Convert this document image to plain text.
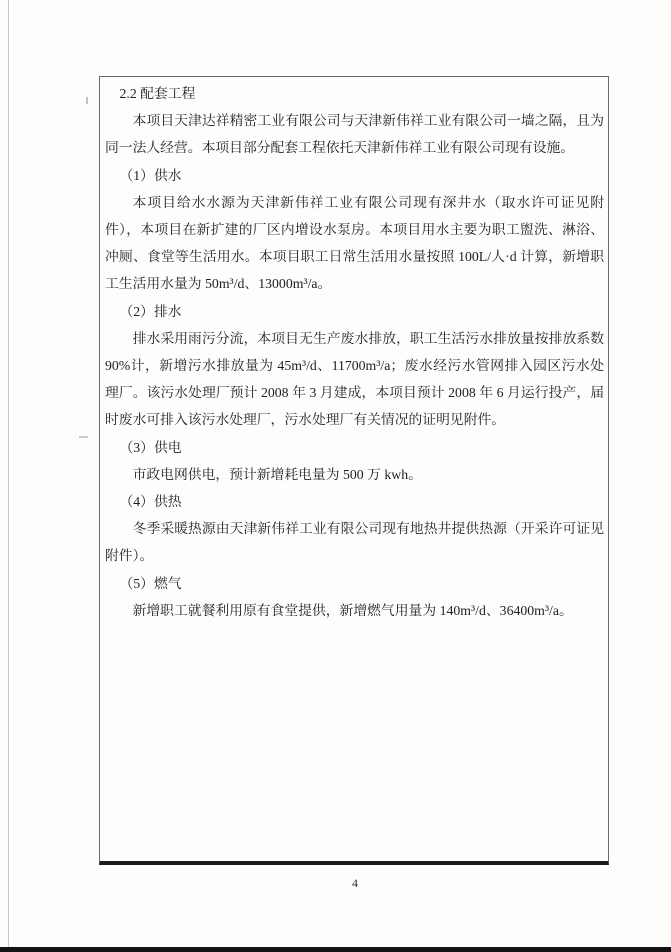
2.2 配套工程

本项目天津达祥精密工业有限公司与天津新伟祥工业有限公司一墙之隔，且为同一法人经营。本项目部分配套工程依托天津新伟祥工业有限公司现有设施。

（1）供水

本项目给水水源为天津新伟祥工业有限公司现有深井水（取水许可证见附件），本项目在新扩建的厂区内增设水泵房。本项目用水主要为职工盥洗、淋浴、冲厕、食堂等生活用水。本项目职工日常生活用水量按照 100L/人·d 计算，新增职工生活用水量为 50m³/d、13000m³/a。

（2）排水

排水采用雨污分流，本项目无生产废水排放，职工生活污水排放量按排放系数 90%计，新增污水排放量为 45m³/d、11700m³/a；废水经污水管网排入园区污水处理厂。该污水处理厂预计 2008 年 3 月建成，本项目预计 2008 年 6 月运行投产，届时废水可排入该污水处理厂，污水处理厂有关情况的证明见附件。

（3）供电

市政电网供电，预计新增耗电量为 500 万 kwh。

（4）供热

冬季采暖热源由天津新伟祥工业有限公司现有地热井提供热源（开采许可证见附件）。

（5）燃气

新增职工就餐利用原有食堂提供，新增燃气用量为 140m³/d、36400m³/a。

4
